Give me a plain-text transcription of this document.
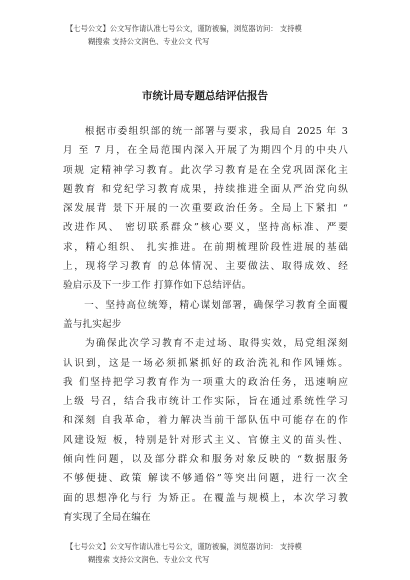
【七号公文】公文写作请认准七号公文，谨防被骗，浏览器访问： 支持模
糊搜索 支持公文润色、专业公文 代写
市统计局专题总结评估报告

　　根据市委组织部的统一部署与要求，我局自 2025 年 3
月 至 7 月，在全局范围内深入开展了为期四个月的中央八
项规 定精神学习教育。此次学习教育是在全党巩固深化主
题教育 和党纪学习教育成果，持续推进全面从严治党向纵
深发展背 景下开展的一次重要政治任务。全局上下紧扣 “
改进作风、 密切联系群众”核心要义，坚持高标准、严要
求，精心组织、 扎实推进。在前期梳理阶段性进展的基础
上，现将学习教育 的总体情况、主要做法、取得成效、经
验启示及下一步工作 打算作如下总结评估。

　　一、坚持高位统筹，精心谋划部署，确保学习教育全面覆
盖与扎实起步

　　为确保此次学习教育不走过场、取得实效，局党组深刻
认识到，这是一场必须抓紧抓好的政治洗礼和作风锤炼。
我 们坚持把学习教育作为一项重大的政治任务，迅速响应
上级 号召，结合我市统计工作实际，旨在通过系统性学习
和深刻 自我革命，着力解决当前干部队伍中可能存在的作
风建设短 板，特别是针对形式主义、官僚主义的苗头性、
倾向性问题，以及部分群众和服务对象反映的 “数据服务
不够便捷、政策 解读不够通俗”等突出问题，进行一次全
面的思想净化与行 为矫正。在覆盖与规模上，本次学习教
育实现了全局在编在

【七号公文】公文写作请认准七号公文，谨防被骗，浏览器访问： 支持模
糊搜索 支持公文润色、专业公文 代写
